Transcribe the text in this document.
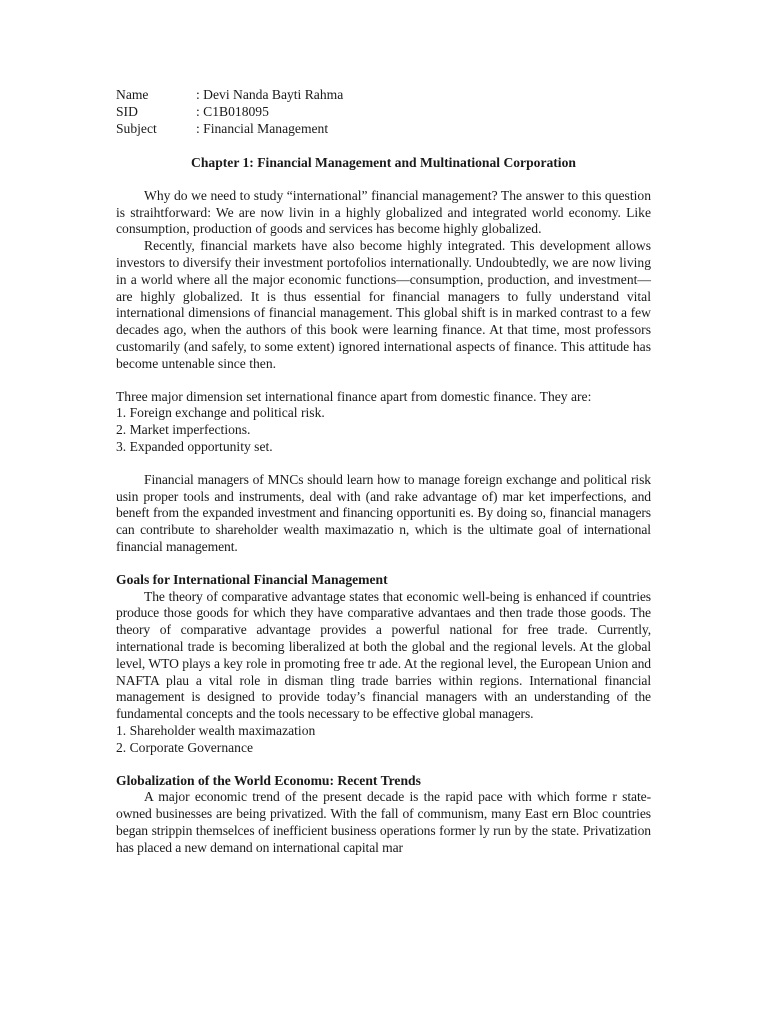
Name	: Devi Nanda Bayti Rahma
SID	: C1B018095
Subject	: Financial Management
Chapter 1: Financial Management and Multinational Corporation

Why do we need to study “international” financial management? The answer to this question is straihtforward: We are now livin in a highly globalized and integrated world economy. Like consumption, production of goods and services has become highly globalized.

Recently, financial markets have also become highly integrated. This development allows investors to diversify their investment portofolios internationally. Undoubtedly, we are now living in a world where all the major economic functions—consumption, production, and investment—are highly globalized. It is thus essential for financial managers to fully understand vital international dimensions of financial management. This global shift is in marked contrast to a few decades ago, when the authors of this book were learning finance. At that time, most professors customarily (and safely, to some extent) ignored international aspects of finance. This attitude has become untenable since then.

Three major dimension set international finance apart from domestic finance. They are:

1. Foreign exchange and political risk.

2. Market imperfections.

3. Expanded opportunity set.

Financial managers of MNCs should learn how to manage foreign exchange and political risk usin proper tools and instruments, deal with (and rake advantage of) mar ket imperfections, and beneft from the expanded investment and financing opportuniti es. By doing so, financial managers can contribute to shareholder wealth maximazatio n, which is the ultimate goal of international financial management.

Goals for International Financial Management

The theory of comparative advantage states that economic well-being is enhanced if countries produce those goods for which they have comparative advantaes and then trade those goods. The theory of comparative advantage provides a powerful national for free trade. Currently, international trade is becoming liberalized at both the global and the regional levels. At the global level, WTO plays a key role in promoting free tr ade. At the regional level, the European Union and NAFTA plau a vital role in disman tling trade barries within regions. International financial management is designed to provide today’s financial managers with an understanding of the fundamental concepts and the tools necessary to be effective global managers.

1. Shareholder wealth maximazation

2. Corporate Governance

Globalization of the World Economu: Recent Trends

A major economic trend of the present decade is the rapid pace with which forme r state-owned businesses are being privatized. With the fall of communism, many East ern Bloc countries began strippin themselces of inefficient business operations former ly run by the state. Privatization has placed a new demand on international capital mar
